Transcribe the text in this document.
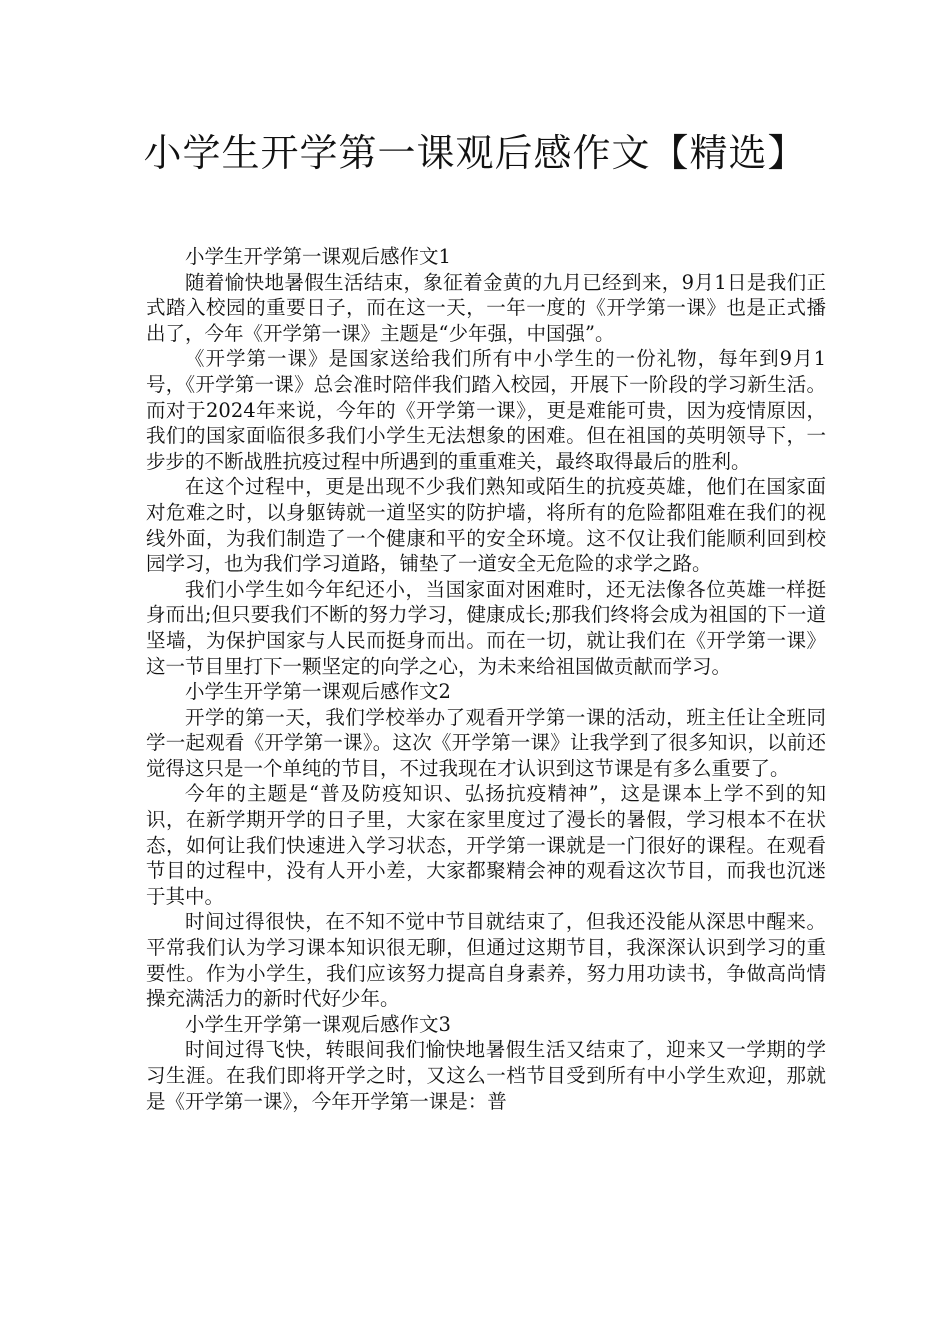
小学生开学第一课观后感作文【精选】

小学生开学第一课观后感作文1

随着愉快地暑假生活结束，象征着金黄的九月已经到来，9月1日是我们正式踏入校园的重要日子，而在这一天，一年一度的《开学第一课》也是正式播出了，今年《开学第一课》主题是“少年强，中国强”。

《开学第一课》是国家送给我们所有中小学生的一份礼物，每年到9月1号，《开学第一课》总会准时陪伴我们踏入校园，开展下一阶段的学习新生活。而对于2024年来说，今年的《开学第一课》，更是难能可贵，因为疫情原因，我们的国家面临很多我们小学生无法想象的困难。但在祖国的英明领导下，一步步的不断战胜抗疫过程中所遇到的重重难关，最终取得最后的胜利。

在这个过程中，更是出现不少我们熟知或陌生的抗疫英雄，他们在国家面对危难之时，以身躯铸就一道坚实的防护墙，将所有的危险都阻难在我们的视线外面，为我们制造了一个健康和平的安全环境。这不仅让我们能顺利回到校园学习，也为我们学习道路，铺垫了一道安全无危险的求学之路。

我们小学生如今年纪还小，当国家面对困难时，还无法像各位英雄一样挺身而出;但只要我们不断的努力学习，健康成长;那我们终将会成为祖国的下一道坚墙，为保护国家与人民而挺身而出。而在一切，就让我们在《开学第一课》这一节目里打下一颗坚定的向学之心，为未来给祖国做贡献而学习。

小学生开学第一课观后感作文2

开学的第一天，我们学校举办了观看开学第一课的活动，班主任让全班同学一起观看《开学第一课》。这次《开学第一课》让我学到了很多知识，以前还觉得这只是一个单纯的节目，不过我现在才认识到这节课是有多么重要了。

今年的主题是“普及防疫知识、弘扬抗疫精神”，这是课本上学不到的知识，在新学期开学的日子里，大家在家里度过了漫长的暑假，学习根本不在状态，如何让我们快速进入学习状态，开学第一课就是一门很好的课程。在观看节目的过程中，没有人开小差，大家都聚精会神的观看这次节目，而我也沉迷于其中。

时间过得很快，在不知不觉中节目就结束了，但我还没能从深思中醒来。平常我们认为学习课本知识很无聊，但通过这期节目，我深深认识到学习的重要性。作为小学生，我们应该努力提高自身素养，努力用功读书，争做高尚情操充满活力的新时代好少年。

小学生开学第一课观后感作文3

时间过得飞快，转眼间我们愉快地暑假生活又结束了，迎来又一学期的学习生涯。在我们即将开学之时，又这么一档节目受到所有中小学生欢迎，那就是《开学第一课》，今年开学第一课是：普
